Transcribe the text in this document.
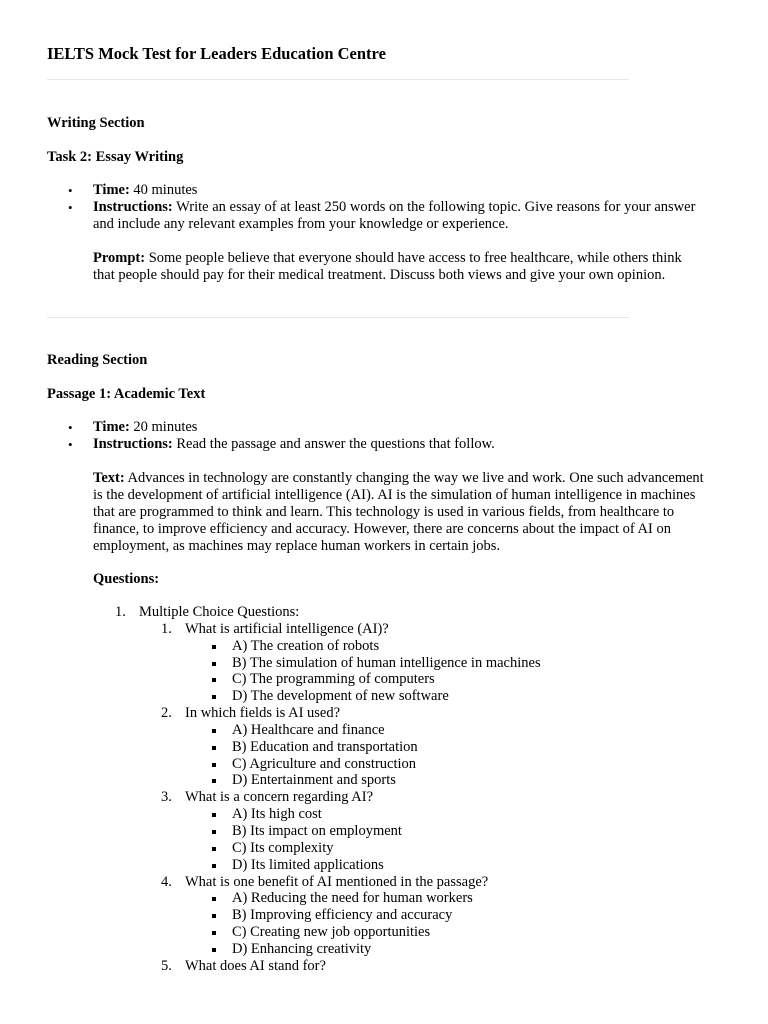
IELTS Mock Test for Leaders Education Centre
Writing Section
Task 2: Essay Writing
• Time: 40 minutes
• Instructions: Write an essay of at least 250 words on the following topic. Give reasons for your answer and include any relevant examples from your knowledge or experience.
Prompt: Some people believe that everyone should have access to free healthcare, while others think that people should pay for their medical treatment. Discuss both views and give your own opinion.
Reading Section
Passage 1: Academic Text
• Time: 20 minutes
• Instructions: Read the passage and answer the questions that follow.
Text: Advances in technology are constantly changing the way we live and work. One such advancement is the development of artificial intelligence (AI). AI is the simulation of human intelligence in machines that are programmed to think and learn. This technology is used in various fields, from healthcare to finance, to improve efficiency and accuracy. However, there are concerns about the impact of AI on employment, as machines may replace human workers in certain jobs.
Questions:
1. Multiple Choice Questions:
1. What is artificial intelligence (AI)?
A) The creation of robots
B) The simulation of human intelligence in machines
C) The programming of computers
D) The development of new software
2. In which fields is AI used?
A) Healthcare and finance
B) Education and transportation
C) Agriculture and construction
D) Entertainment and sports
3. What is a concern regarding AI?
A) Its high cost
B) Its impact on employment
C) Its complexity
D) Its limited applications
4. What is one benefit of AI mentioned in the passage?
A) Reducing the need for human workers
B) Improving efficiency and accuracy
C) Creating new job opportunities
D) Enhancing creativity
5. What does AI stand for?
